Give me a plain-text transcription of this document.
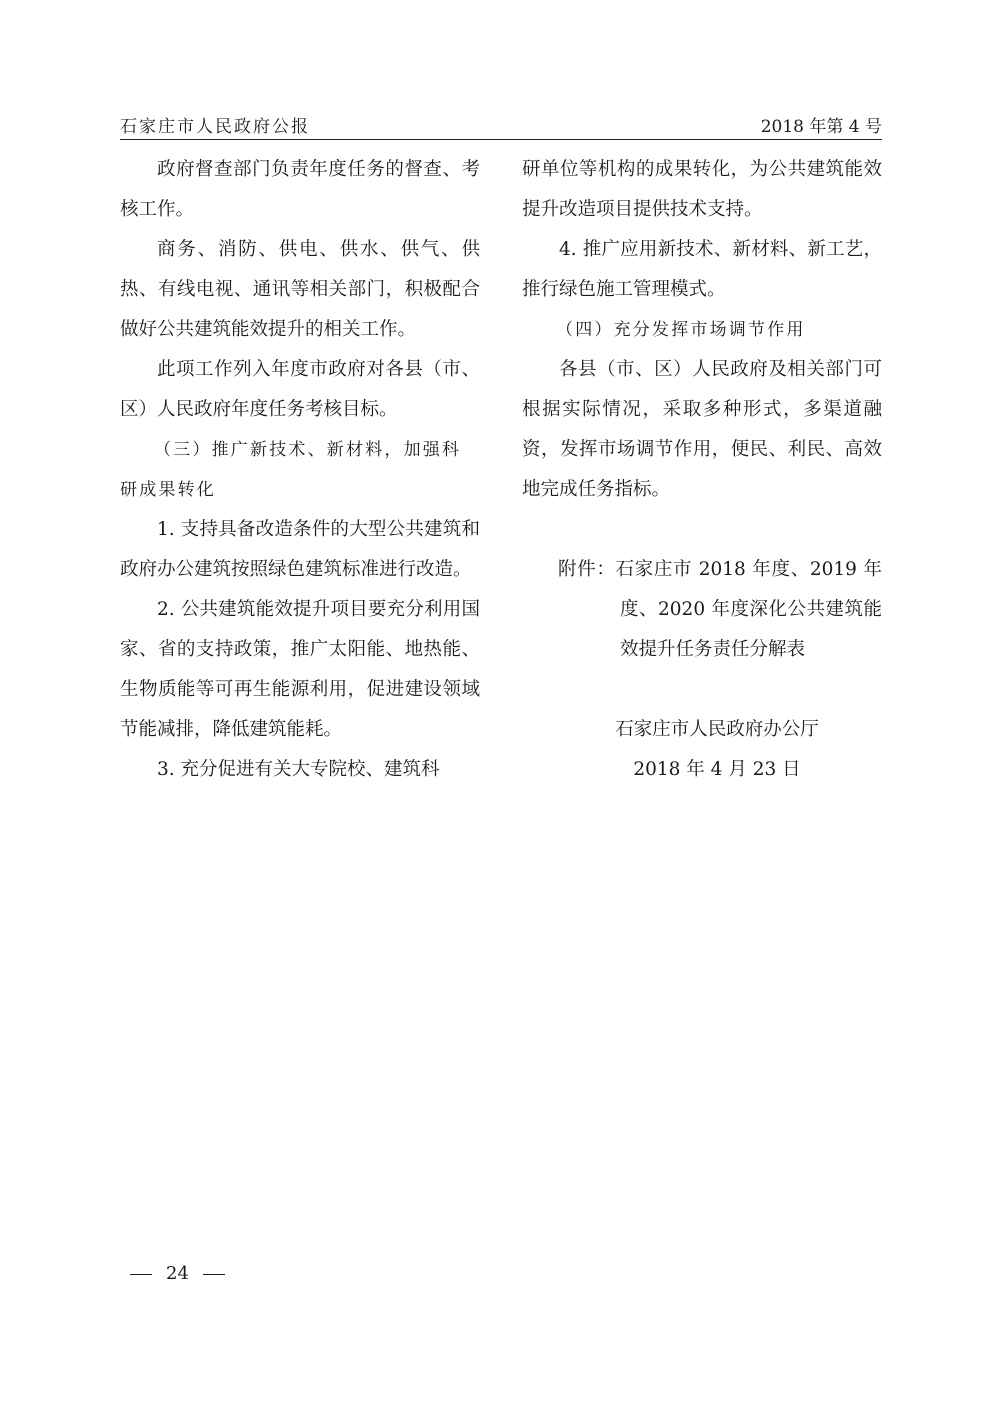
石家庄市人民政府公报	2018 年第 4 号

政府督查部门负责年度任务的督查、考核工作。

商务、消防、供电、供水、供气、供热、有线电视、通讯等相关部门，积极配合做好公共建筑能效提升的相关工作。

此项工作列入年度市政府对各县（市、区）人民政府年度任务考核目标。

（三）推广新技术、新材料，加强科研成果转化

1. 支持具备改造条件的大型公共建筑和政府办公建筑按照绿色建筑标准进行改造。

2. 公共建筑能效提升项目要充分利用国家、省的支持政策，推广太阳能、地热能、生物质能等可再生能源利用，促进建设领域节能减排，降低建筑能耗。

3. 充分促进有关大专院校、建筑科

研单位等机构的成果转化，为公共建筑能效提升改造项目提供技术支持。

4. 推广应用新技术、新材料、新工艺，推行绿色施工管理模式。

（四）充分发挥市场调节作用

各县（市、区）人民政府及相关部门可根据实际情况，采取多种形式，多渠道融资，发挥市场调节作用，便民、利民、高效地完成任务指标。

附件：石家庄市 2018 年度、2019 年度、2020 年度深化公共建筑能效提升任务责任分解表

石家庄市人民政府办公厅
2018 年 4 月 23 日
24
